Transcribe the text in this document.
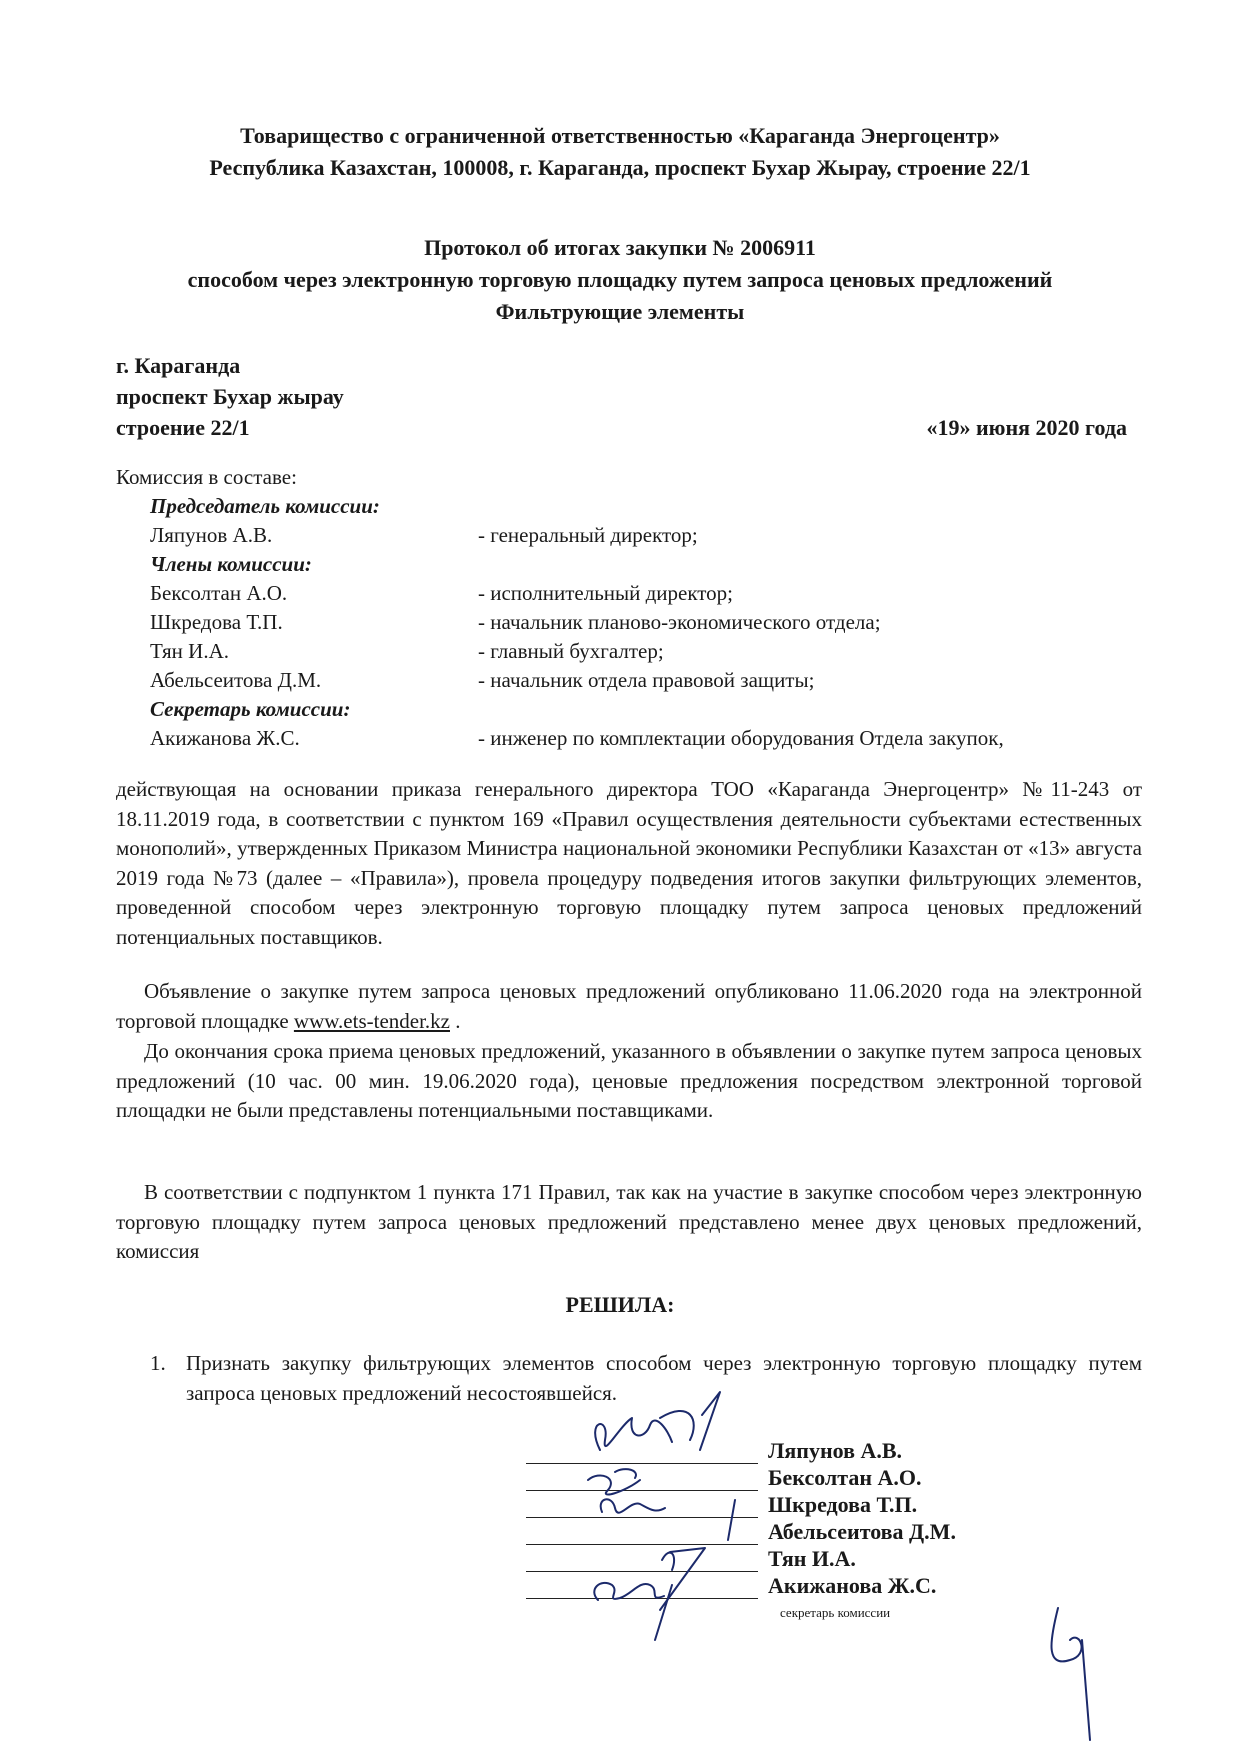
Товарищество с ограниченной ответственностью «Караганда Энергоцентр»
Республика Казахстан, 100008, г. Караганда, проспект Бухар Жырау, строение 22/1
Протокол об итогах закупки № 2006911
способом через электронную торговую площадку путем запроса ценовых предложений
Фильтрующие элементы
г. Караганда
проспект Бухар жырау
строение 22/1	«19» июня 2020 года
Комиссия в составе:
Председатель комиссии:
Ляпунов А.В.	- генеральный директор;
Члены комиссии:
Бексолтан А.О.	- исполнительный директор;
Шкредова Т.П.	- начальник планово-экономического отдела;
Тян И.А.	- главный бухгалтер;
Абельсеитова Д.М.	- начальник отдела правовой защиты;
Секретарь комиссии:
Акижанова Ж.С.	- инженер по комплектации оборудования Отдела закупок,

действующая на основании приказа генерального директора ТОО «Караганда Энергоцентр» №11-243 от 18.11.2019 года, в соответствии с пунктом 169 «Правил осуществления деятельности субъектами естественных монополий», утвержденных Приказом Министра национальной экономики Республики Казахстан от «13» августа 2019 года №73 (далее – «Правила»), провела процедуру подведения итогов закупки фильтрующих элементов, проведенной способом через электронную торговую площадку путем запроса ценовых предложений потенциальных поставщиков.

Объявление о закупке путем запроса ценовых предложений опубликовано 11.06.2020 года на электронной торговой площадке www.ets-tender.kz .

До окончания срока приема ценовых предложений, указанного в объявлении о закупке путем запроса ценовых предложений (10 час. 00 мин. 19.06.2020 года), ценовые предложения посредством электронной торговой площадки не были представлены потенциальными поставщиками.

В соответствии с подпунктом 1 пункта 171 Правил, так как на участие в закупке способом через электронную торговую площадку путем запроса ценовых предложений представлено менее двух ценовых предложений, комиссия

РЕШИЛА:
1. Признать закупку фильтрующих элементов способом через электронную торговую площадку путем запроса ценовых предложений несостоявшейся.
Ляпунов А.В.
Бексолтан А.О.
Шкредова Т.П.
Абельсеитова Д.М.
Тян И.А.
Акижанова Ж.С.
секретарь комиссии
